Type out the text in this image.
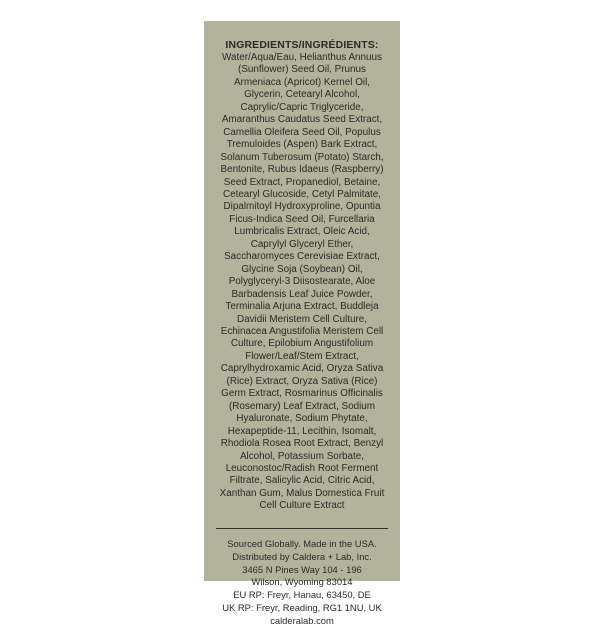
INGREDIENTS/INGRÉDIENTS:
Water/Aqua/Eau, Helianthus Annuus
(Sunflower) Seed Oil, Prunus
Armeniaca (Apricot) Kernel Oil,
Glycerin, Cetearyl Alcohol,
Caprylic/Capric Triglyceride,
Amaranthus Caudatus Seed Extract,
Camellia Oleifera Seed Oil, Populus
Tremuloides (Aspen) Bark Extract,
Solanum Tuberosum (Potato) Starch,
Bentonite, Rubus Idaeus (Raspberry)
Seed Extract, Propanediol, Betaine,
Cetearyl Glucoside, Cetyl Palmitate,
Dipalmitoyl Hydroxyproline, Opuntia
Ficus-Indica Seed Oil, Furcellaria
Lumbricalis Extract, Oleic Acid,
Caprylyl Glyceryl Ether,
Saccharomyces Cerevisiae Extract,
Glycine Soja (Soybean) Oil,
Polyglyceryl-3 Diisostearate, Aloe
Barbadensis Leaf Juice Powder,
Terminalia Arjuna Extract, Buddleja
Davidii Meristem Cell Culture,
Echinacea Angustifolia Meristem Cell
Culture, Epilobium Angustifolium
Flower/Leaf/Stem Extract,
Caprylhydroxamic Acid, Oryza Sativa
(Rice) Extract, Oryza Sativa (Rice)
Germ Extract, Rosmarinus Officinalis
(Rosemary) Leaf Extract, Sodium
Hyaluronate, Sodium Phytate,
Hexapeptide-11, Lecithin, Isomalt,
Rhodiola Rosea Root Extract, Benzyl
Alcohol, Potassium Sorbate,
Leuconostoc/Radish Root Ferment
Filtrate, Salicylic Acid, Citric Acid,
Xanthan Gum, Malus Domestica Fruit
Cell Culture Extract
Sourced Globally. Made in the USA.
Distributed by Caldera + Lab, Inc.
3465 N Pines Way 104 - 196
Wilson, Wyoming 83014
EU RP: Freyr, Hanau, 63450, DE
UK RP: Freyr, Reading, RG1 1NU, UK
calderalab.com
